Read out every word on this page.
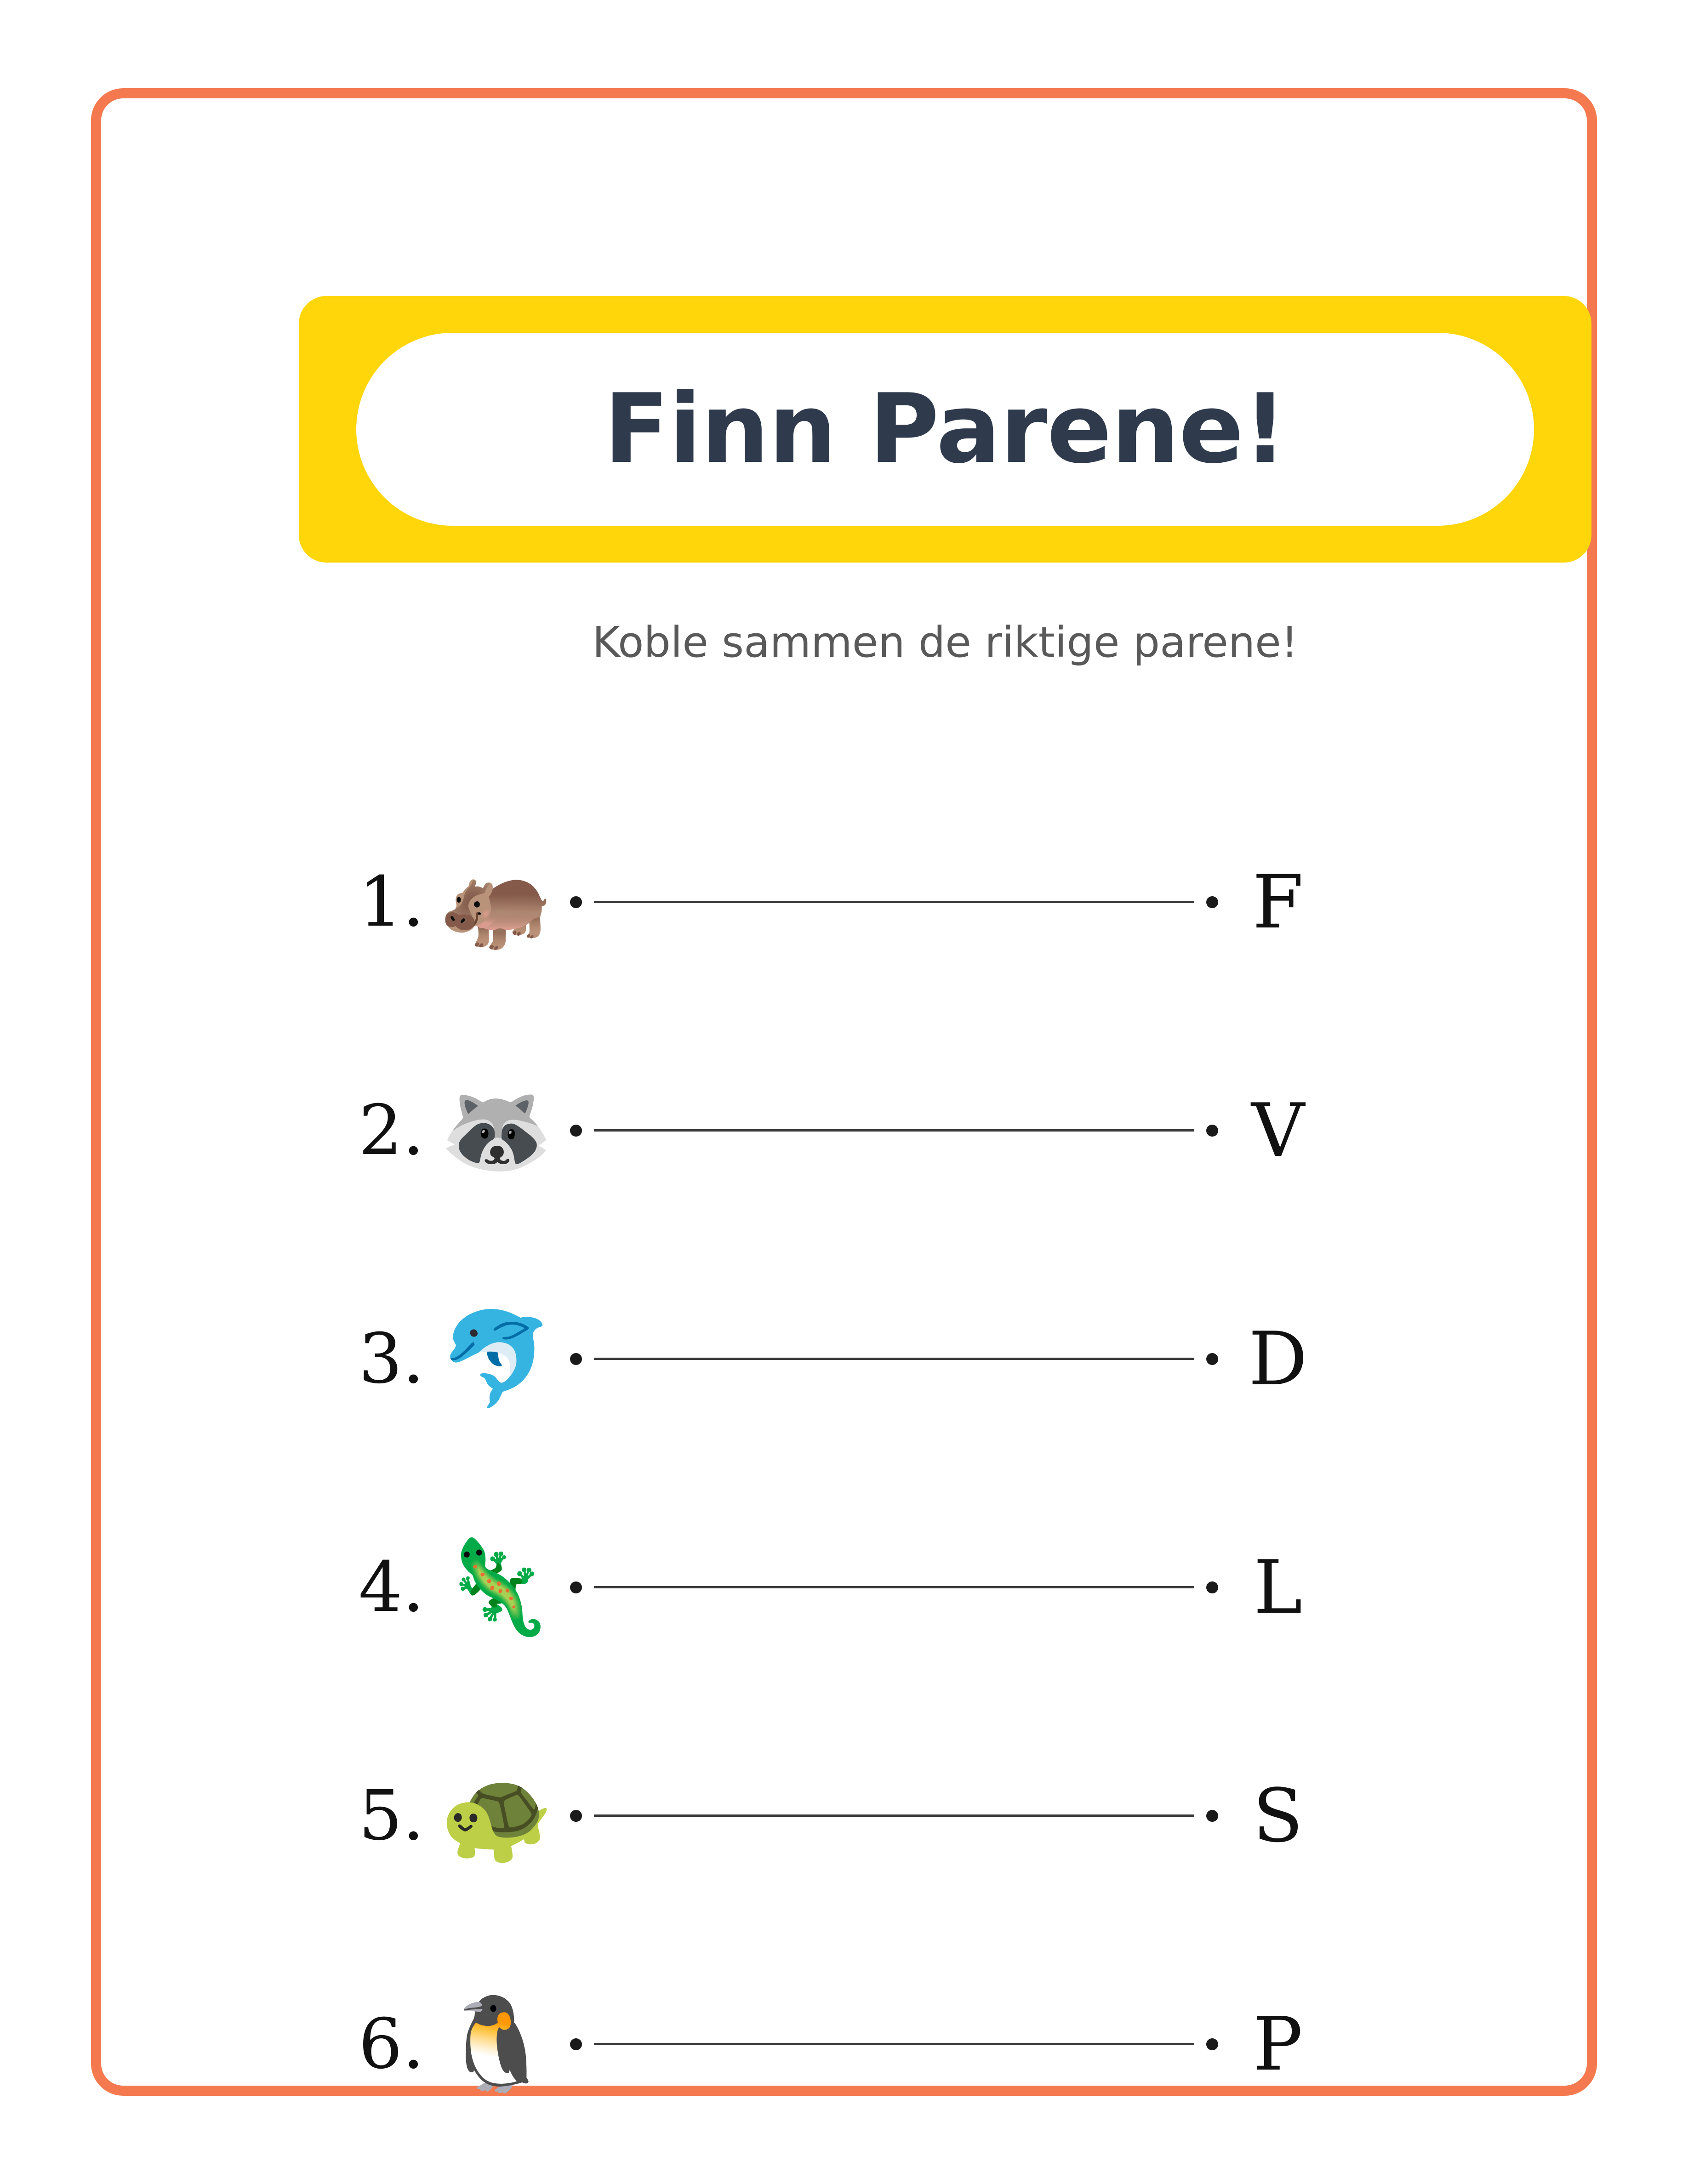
Finn Parene!
Koble sammen de riktige parene!
1. 🦛	F
2. 🦝	V
3. 🐬	D
4. 🦎	L
5. 🐢	S
6. 🐧	P
